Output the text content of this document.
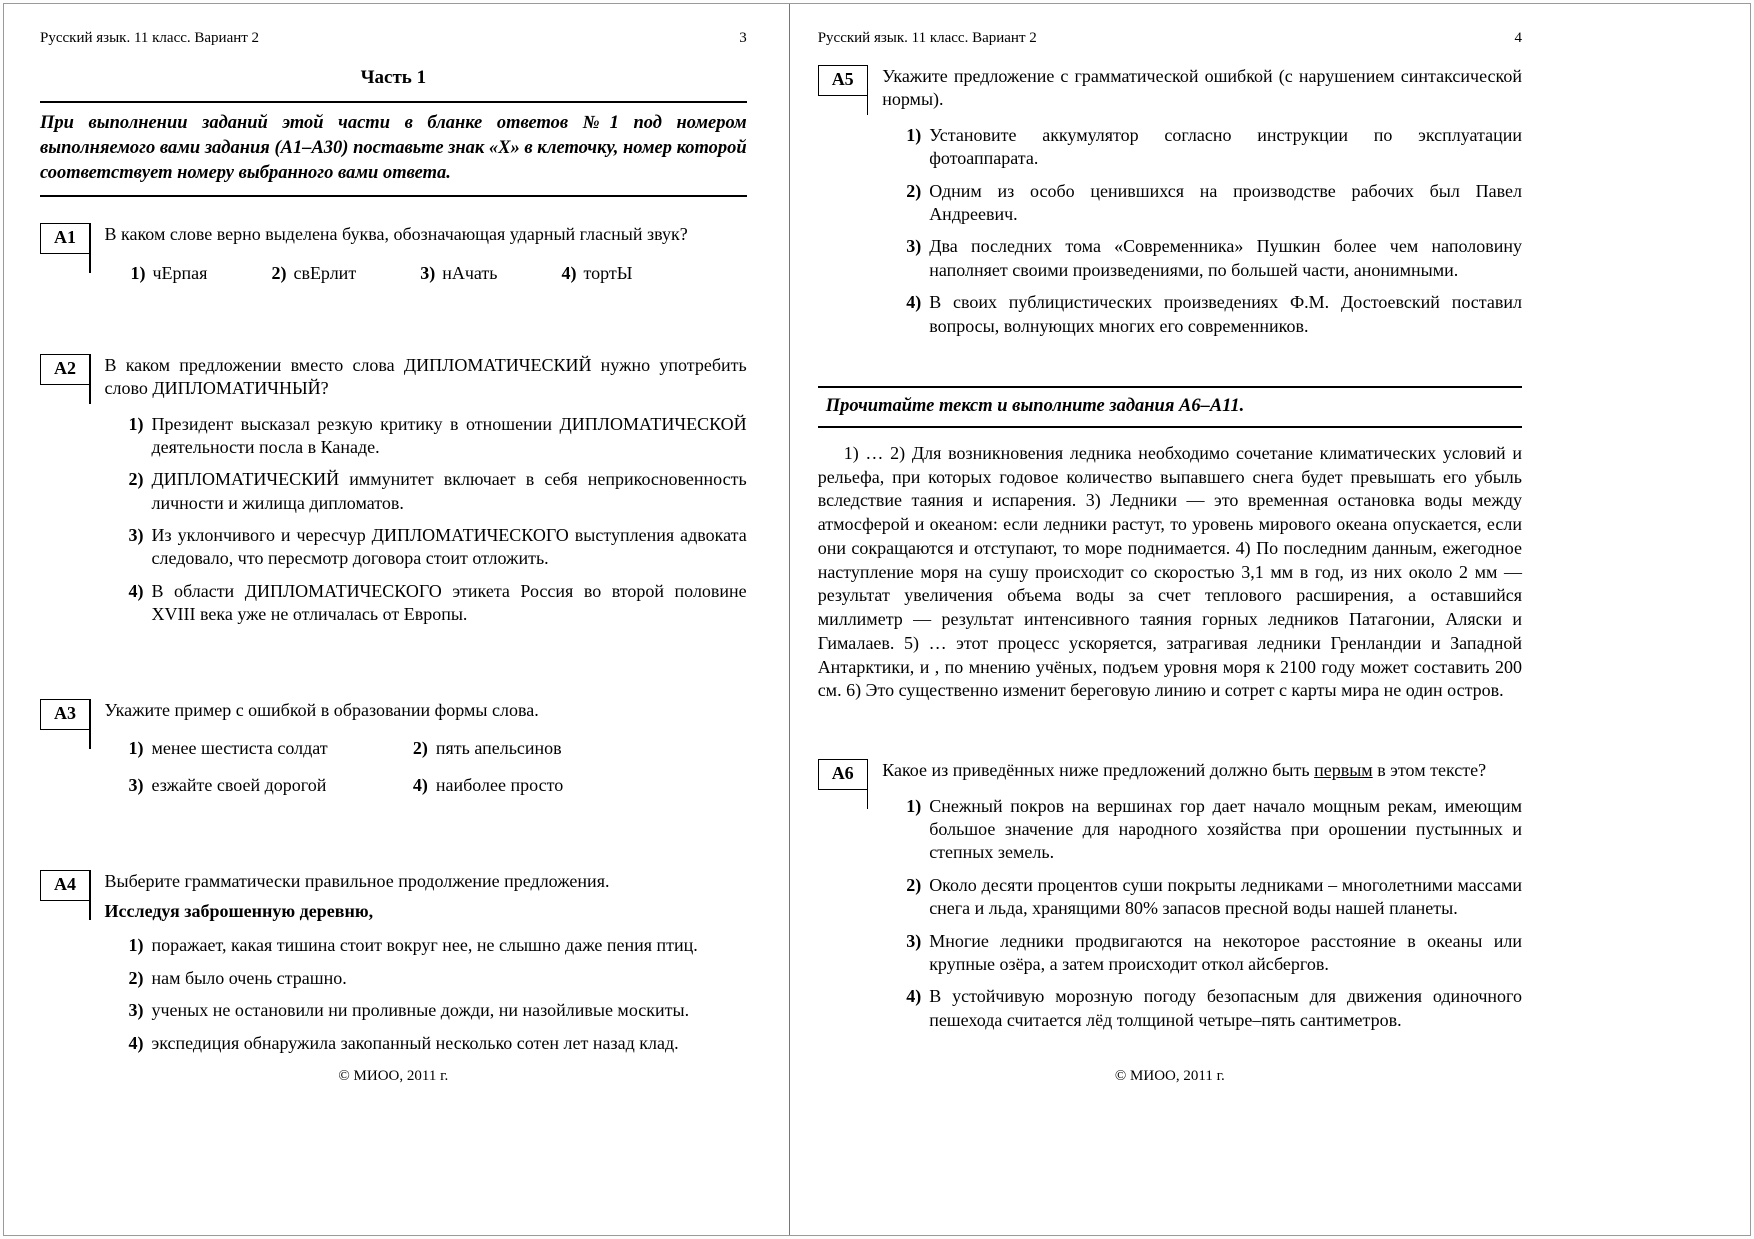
Русский язык. 11 класс. Вариант 2	3
Часть 1

При выполнении заданий этой части в бланке ответов №1 под номером выполняемого вами задания (А1–А30) поставьте знак «Х» в клеточку, номер которой соответствует номеру выбранного вами ответа.

А1	В каком слове верно выделена буква, обозначающая ударный гласный звук?

1) чЕрпая	2) свЕрлит	3) нАчать	4) тортЫ
А2	В каком предложении вместо слова ДИПЛОМАТИЧЕСКИЙ нужно употребить слово ДИПЛОМАТИЧНЫЙ?

1) Президент высказал резкую критику в отношении ДИПЛОМАТИЧЕСКОЙ деятельности посла в Канаде.
2) ДИПЛОМАТИЧЕСКИЙ иммунитет включает в себя неприкосновенность личности и жилища дипломатов.
3) Из уклончивого и чересчур ДИПЛОМАТИЧЕСКОГО выступления адвоката следовало, что пересмотр договора стоит отложить.
4) В области ДИПЛОМАТИЧЕСКОГО этикета Россия во второй половине XVIII века уже не отличалась от Европы.
А3	Укажите пример с ошибкой в образовании формы слова.

1) менее шестиста солдат	2) пять апельсинов
3) езжайте своей дорогой	4) наиболее просто
А4	Выберите грамматически правильное продолжение предложения.

Исследуя заброшенную деревню,

1) поражает, какая тишина стоит вокруг нее, не слышно даже пения птиц.
2) нам было очень страшно.
3) ученых не остановили ни проливные дожди, ни назойливые москиты.
4) экспедиция обнаружила закопанный несколько сотен лет назад клад.

© МИОО, 2011 г.

Русский язык. 11 класс. Вариант 2	4
А5	Укажите предложение с грамматической ошибкой (с нарушением синтаксической нормы).

1) Установите аккумулятор согласно инструкции по эксплуатации фотоаппарата.
2) Одним из особо ценившихся на производстве рабочих был Павел Андреевич.
3) Два последних тома «Современника» Пушкин более чем наполовину наполняет своими произведениями, по большей части, анонимными.
4) В своих публицистических произведениях Ф.М. Достоевский поставил вопросы, волнующих многих его современников.

Прочитайте текст и выполните задания А6–А11.

1) … 2) Для возникновения ледника необходимо сочетание климатических условий и рельефа, при которых годовое количество выпавшего снега будет превышать его убыль вследствие таяния и испарения. 3) Ледники — это временная остановка воды между атмосферой и океаном: если ледники растут, то уровень мирового океана опускается, если они сокращаются и отступают, то море поднимается. 4) По последним данным, ежегодное наступление моря на сушу происходит со скоростью 3,1 мм в год, из них около 2 мм — результат увеличения объема воды за счет теплового расширения, а оставшийся миллиметр — результат интенсивного таяния горных ледников Патагонии, Аляски и Гималаев. 5) … этот процесс ускоряется, затрагивая ледники Гренландии и Западной Антарктики, и , по мнению учёных, подъем уровня моря к 2100 году может составить 200 см. 6) Это существенно изменит береговую линию и сотрет с карты мира не один остров.

А6	Какое из приведённых ниже предложений должно быть первым в этом тексте?

1) Снежный покров на вершинах гор дает начало мощным рекам, имеющим большое значение для народного хозяйства при орошении пустынных и степных земель.
2) Около десяти процентов суши покрыты ледниками – многолетними массами снега и льда, хранящими 80% запасов пресной воды нашей планеты.
3) Многие ледники продвигаются на некоторое расстояние в океаны или крупные озёра, а затем происходит откол айсбергов.
4) В устойчивую морозную погоду безопасным для движения одиночного пешехода считается лёд толщиной четыре–пять сантиметров.

© МИОО, 2011 г.
